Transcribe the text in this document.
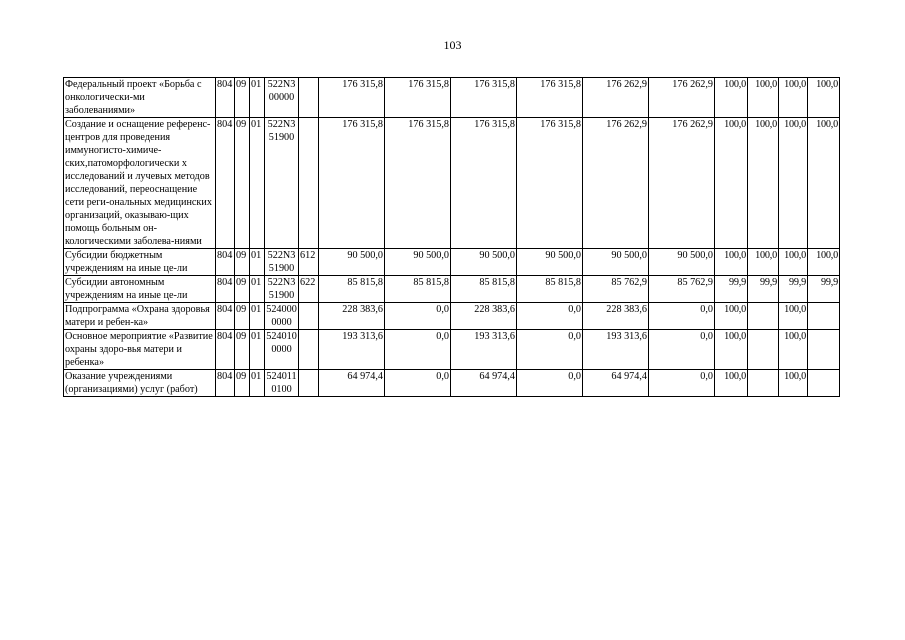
103
Федеральный проект «Борьба с онкологически-ми заболеваниями»	804	09	01	522N300000		176 315,8	176 315,8	176 315,8	176 315,8	176 262,9	176 262,9	100,0	100,0	100,0	100,0
Создание и оснащение референс-центров для проведения иммуногисто-химиче-ских,патоморфологически х исследований и лучевых методов исследований, переоснащение сети реги-ональных медицинских организаций, оказываю-щих помощь больным он-кологическими заболева-ниями	804	09	01	522N351900		176 315,8	176 315,8	176 315,8	176 315,8	176 262,9	176 262,9	100,0	100,0	100,0	100,0
Субсидии бюджетным учреждениям на иные це-ли	804	09	01	522N351900	612	90 500,0	90 500,0	90 500,0	90 500,0	90 500,0	90 500,0	100,0	100,0	100,0	100,0
Субсидии автономным учреждениям на иные це-ли	804	09	01	522N351900	622	85 815,8	85 815,8	85 815,8	85 815,8	85 762,9	85 762,9	99,9	99,9	99,9	99,9
Подпрограмма «Охрана здоровья матери и ребен-ка»	804	09	01	5240000000		228 383,6	0,0	228 383,6	0,0	228 383,6	0,0	100,0		100,0	
Основное мероприятие «Развитие охраны здоро-вья матери и ребенка»	804	09	01	5240100000		193 313,6	0,0	193 313,6	0,0	193 313,6	0,0	100,0		100,0	
Оказание учреждениями (организациями) услуг (работ)	804	09	01	5240110100		64 974,4	0,0	64 974,4	0,0	64 974,4	0,0	100,0		100,0	
